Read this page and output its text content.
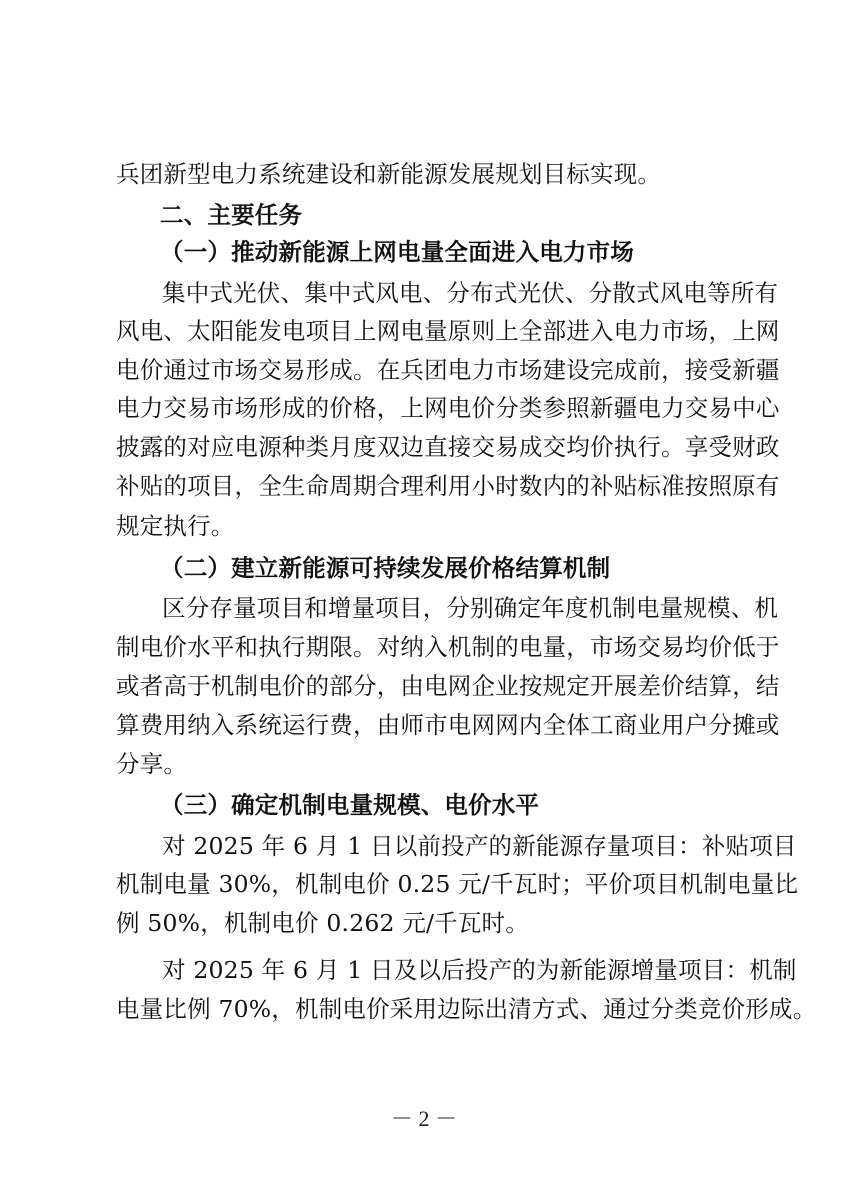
兵团新型电力系统建设和新能源发展规划目标实现。
二、主要任务
（一）推动新能源上网电量全面进入电力市场
集中式光伏、集中式风电、分布式光伏、分散式风电等所有
风电、太阳能发电项目上网电量原则上全部进入电力市场，上网
电价通过市场交易形成。在兵团电力市场建设完成前，接受新疆
电力交易市场形成的价格，上网电价分类参照新疆电力交易中心
披露的对应电源种类月度双边直接交易成交均价执行。享受财政
补贴的项目，全生命周期合理利用小时数内的补贴标准按照原有
规定执行。
（二）建立新能源可持续发展价格结算机制
区分存量项目和增量项目，分别确定年度机制电量规模、机
制电价水平和执行期限。对纳入机制的电量，市场交易均价低于
或者高于机制电价的部分，由电网企业按规定开展差价结算，结
算费用纳入系统运行费，由师市电网网内全体工商业用户分摊或
分享。
（三）确定机制电量规模、电价水平
对 2025 年 6 月 1 日以前投产的新能源存量项目：补贴项目
机制电量 30%，机制电价 0.25 元/千瓦时；平价项目机制电量比
例 50%，机制电价 0.262 元/千瓦时。
对 2025 年 6 月 1 日及以后投产的为新能源增量项目：机制
电量比例 70%，机制电价采用边际出清方式、通过分类竞价形成。
－ 2 －
